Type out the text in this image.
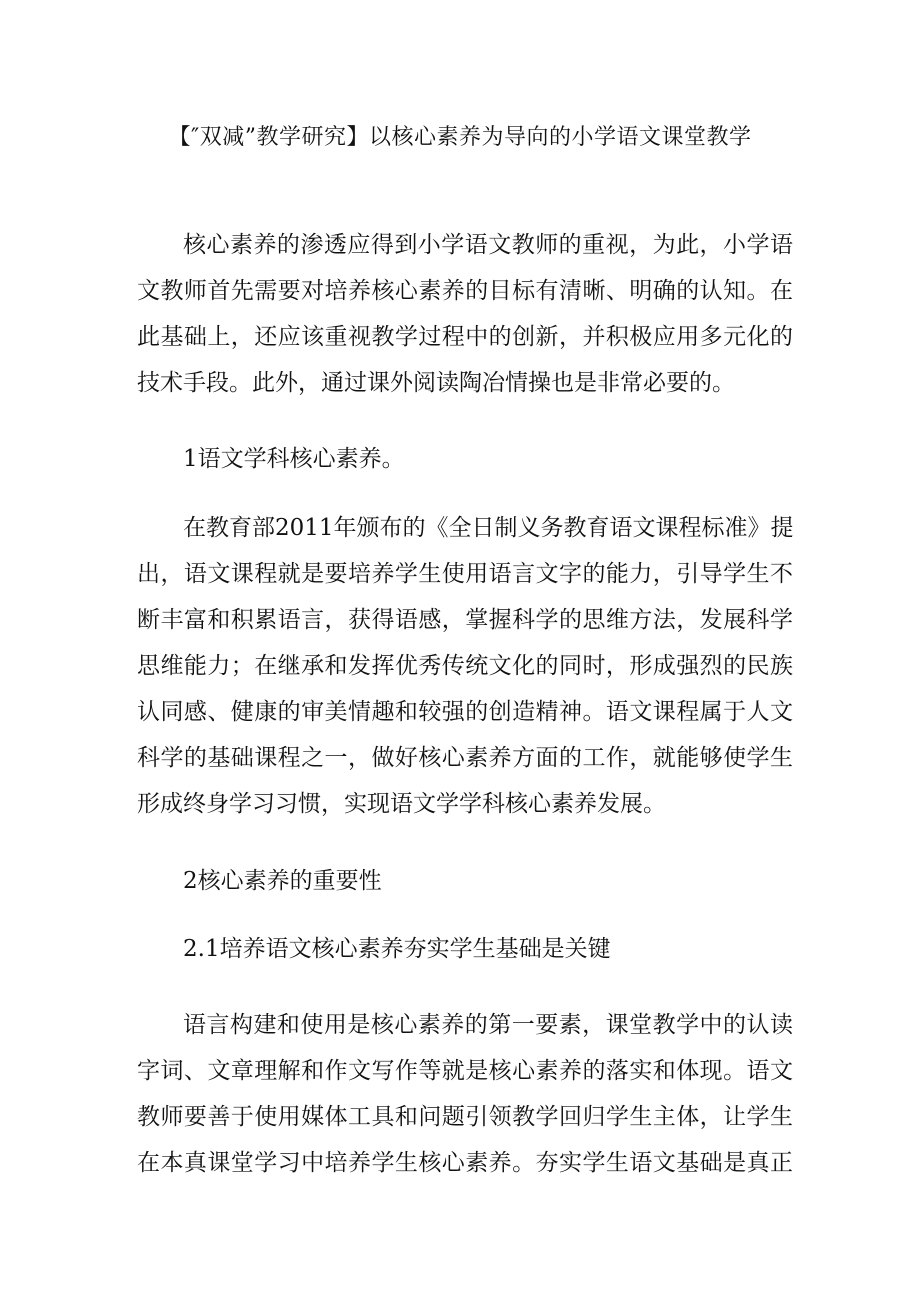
【″双减”教学研究】以核心素养为导向的小学语文课堂教学
核心素养的渗透应得到小学语文教师的重视，为此，小学语
文教师首先需要对培养核心素养的目标有清晰、明确的认知。在
此基础上，还应该重视教学过程中的创新，并积极应用多元化的
技术手段。此外，通过课外阅读陶冶情操也是非常必要的。
1语文学科核心素养。
在教育部2011年颁布的《全日制义务教育语文课程标准》提
出，语文课程就是要培养学生使用语言文字的能力，引导学生不
断丰富和积累语言，获得语感，掌握科学的思维方法，发展科学
思维能力；在继承和发挥优秀传统文化的同时，形成强烈的民族
认同感、健康的审美情趣和较强的创造精神。语文课程属于人文
科学的基础课程之一，做好核心素养方面的工作，就能够使学生
形成终身学习习惯，实现语文学学科核心素养发展。
2核心素养的重要性
2.1培养语文核心素养夯实学生基础是关键
语言构建和使用是核心素养的第一要素，课堂教学中的认读
字词、文章理解和作文写作等就是核心素养的落实和体现。语文
教师要善于使用媒体工具和问题引领教学回归学生主体，让学生
在本真课堂学习中培养学生核心素养。夯实学生语文基础是真正
